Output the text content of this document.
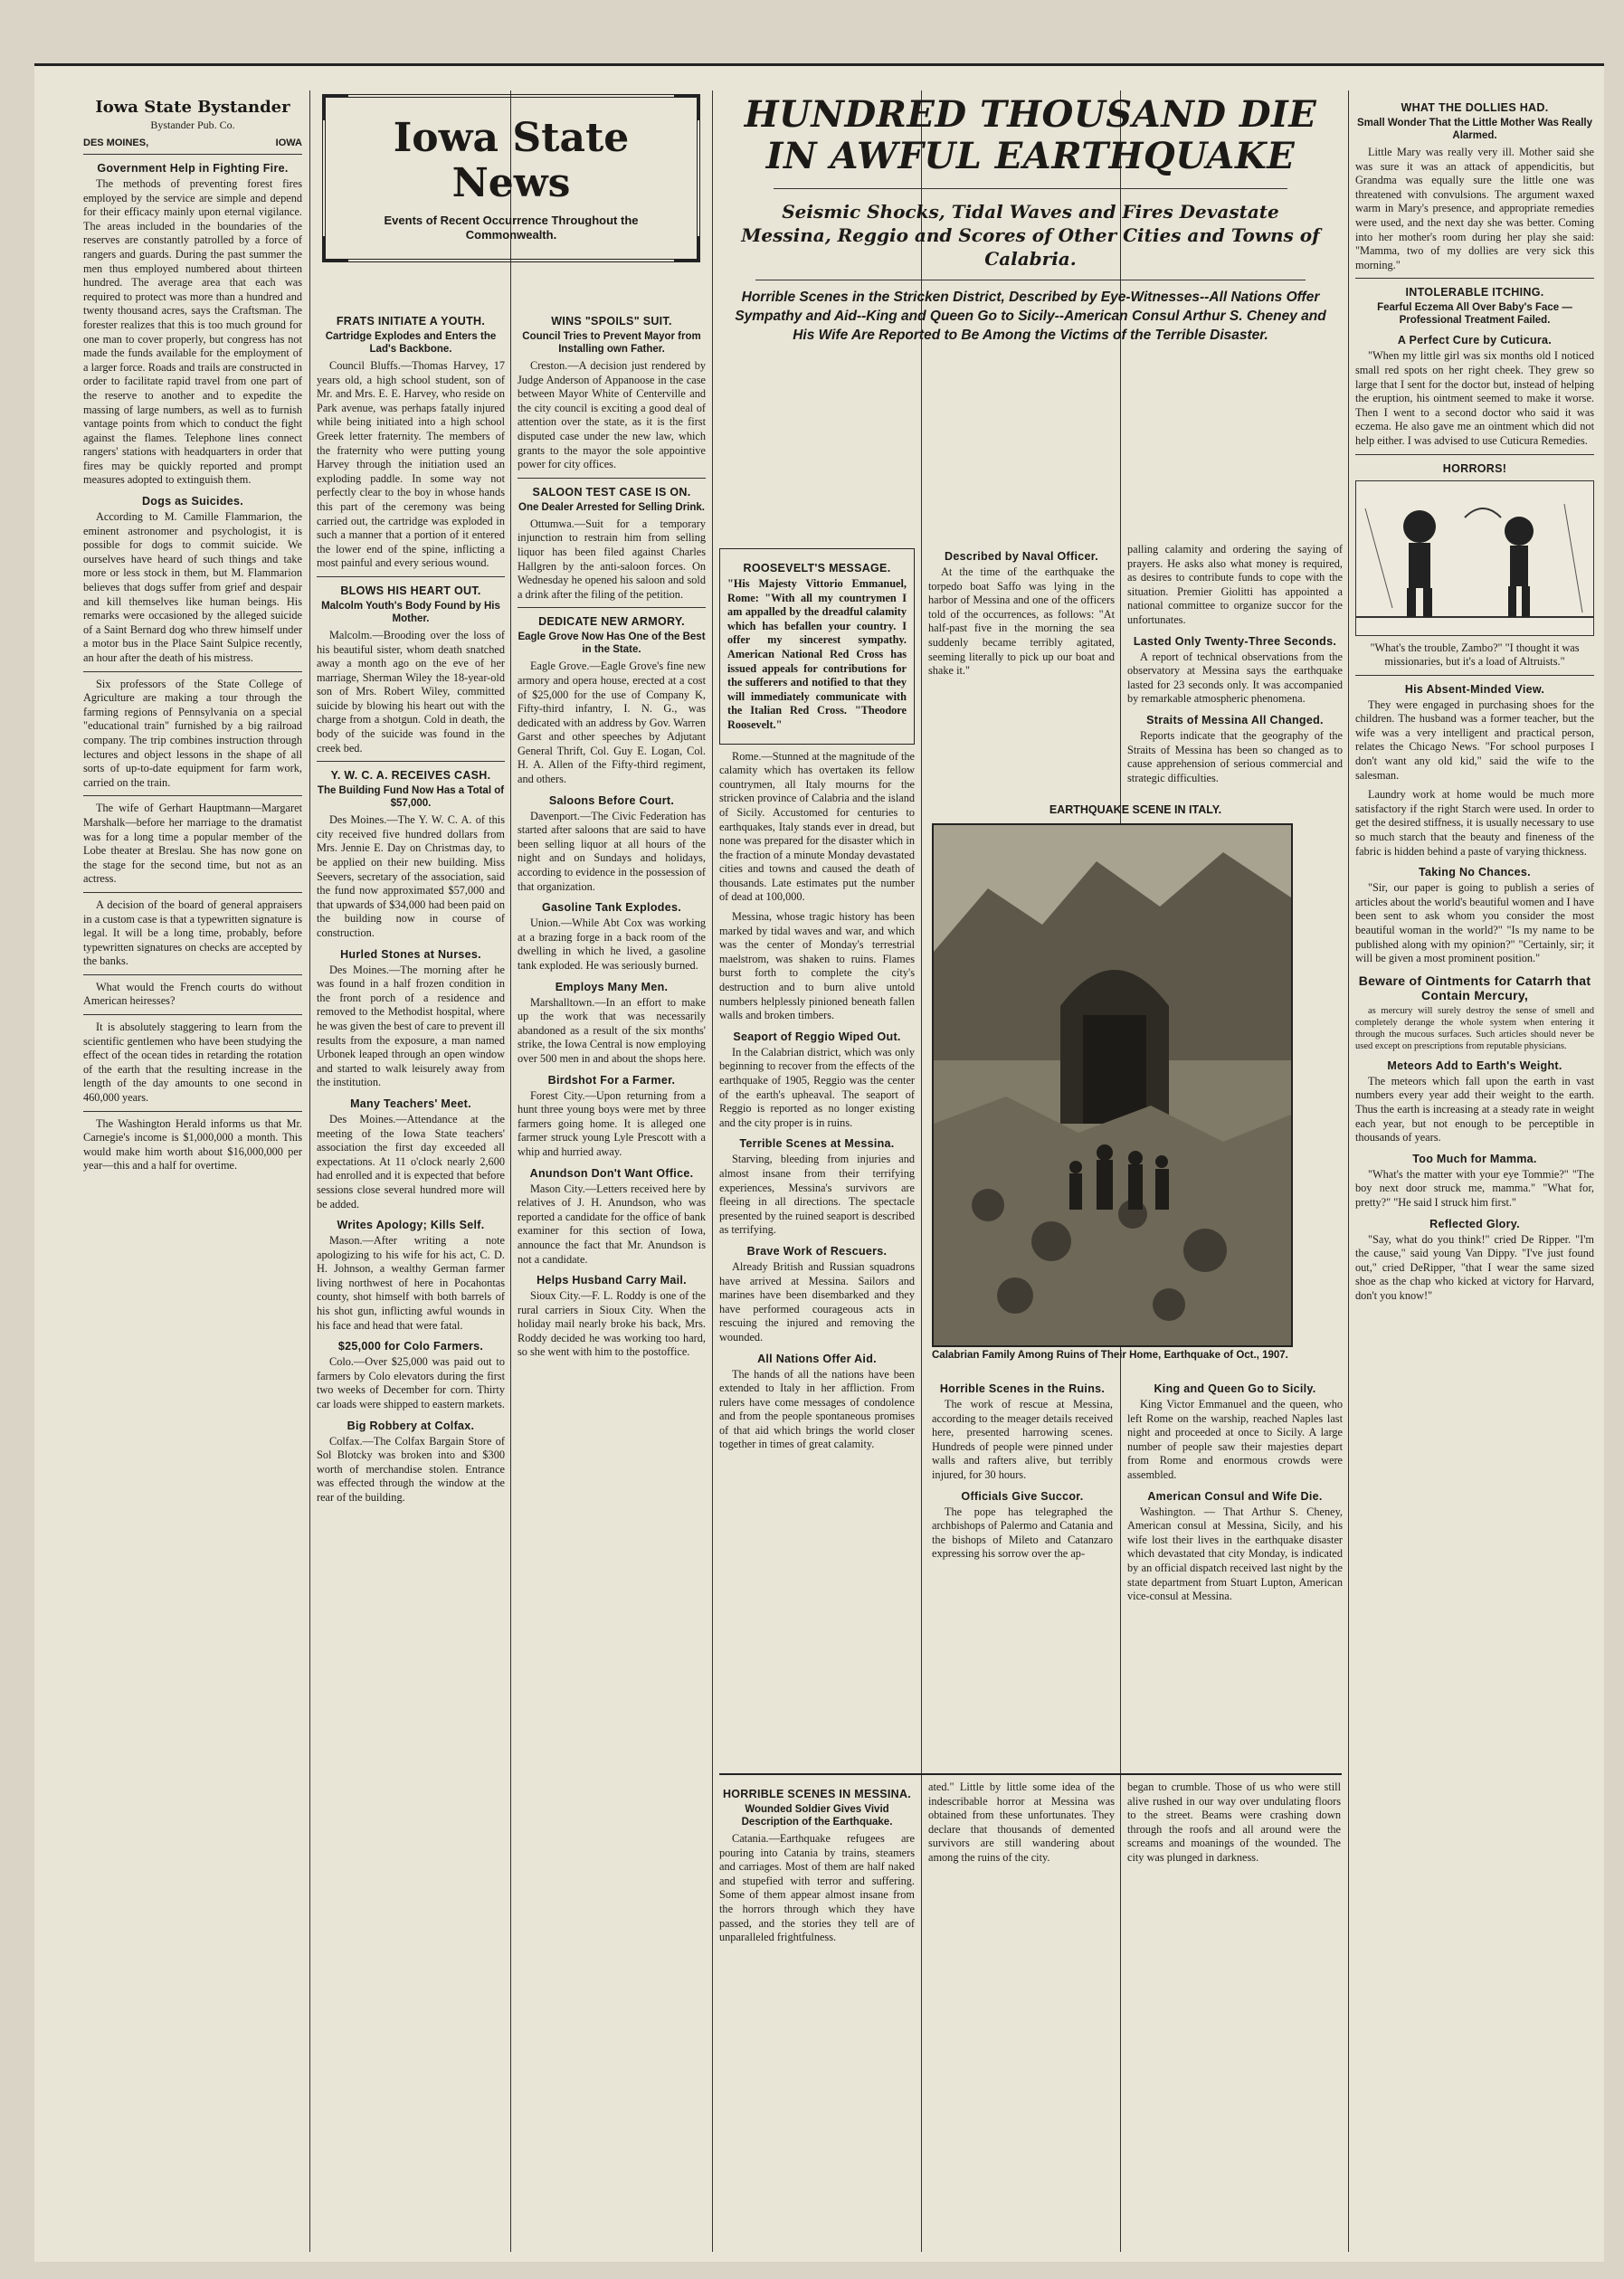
Iowa State Bystander
Bystander Pub. Co.
DES MOINES,	IOWA
Government Help in Fighting Fire.

The methods of preventing forest fires employed by the service are simple and depend for their efficacy mainly upon eternal vigilance. The areas included in the boundaries of the reserves are constantly patrolled by a force of rangers and guards. During the past summer the men thus employed numbered about thirteen hundred. The average area that each was required to protect was more than a hundred and twenty thousand acres, says the Craftsman. The forester realizes that this is too much ground for one man to cover properly, but congress has not made the funds available for the employment of a larger force. Roads and trails are constructed in order to facilitate rapid travel from one part of the reserve to another and to expedite the massing of large numbers, as well as to furnish vantage points from which to conduct the fight against the flames. Telephone lines connect rangers' stations with headquarters in order that fires may be quickly reported and prompt measures adopted to extinguish them.

Dogs as Suicides.

According to M. Camille Flammarion, the eminent astronomer and psychologist, it is possible for dogs to commit suicide. We ourselves have heard of such things and take more or less stock in them, but M. Flammarion believes that dogs suffer from grief and despair and kill themselves like human beings. His remarks were occasioned by the alleged suicide of a Saint Bernard dog who threw himself under a motor bus in the Place Saint Sulpice recently, an hour after the death of his mistress.

Six professors of the State College of Agriculture are making a tour through the farming regions of Pennsylvania on a special "educational train" furnished by a big railroad company. The trip combines instruction through lectures and object lessons in the shape of all sorts of up-to-date equipment for farm work, carried on the train.

The wife of Gerhart Hauptmann—Margaret Marshalk—before her marriage to the dramatist was for a long time a popular member of the Lobe theater at Breslau. She has now gone on the stage for the second time, but not as an actress.

A decision of the board of general appraisers in a custom case is that a typewritten signature is legal. It will be a long time, probably, before typewritten signatures on checks are accepted by the banks.

What would the French courts do without American heiresses?

It is absolutely staggering to learn from the scientific gentlemen who have been studying the effect of the ocean tides in retarding the rotation of the earth that the resulting increase in the length of the day amounts to one second in 460,000 years.

The Washington Herald informs us that Mr. Carnegie's income is $1,000,000 a month. This would make him worth about $16,000,000 per year—this and a half for overtime.

Iowa State News
Events of Recent Occurrence Throughout the Commonwealth.
FRATS INITIATE A YOUTH.
Cartridge Explodes and Enters the Lad's Backbone.

Council Bluffs.—Thomas Harvey, 17 years old, a high school student, son of Mr. and Mrs. E. E. Harvey, who reside on Park avenue, was perhaps fatally injured while being initiated into a high school Greek letter fraternity. The members of the fraternity who were putting young Harvey through the initiation used an exploding paddle. In some way not perfectly clear to the boy in whose hands this part of the ceremony was being carried out, the cartridge was exploded in such a manner that a portion of it entered the lower end of the spine, inflicting a most painful and every serious wound.

BLOWS HIS HEART OUT.
Malcolm Youth's Body Found by His Mother.

Malcolm.—Brooding over the loss of his beautiful sister, whom death snatched away a month ago on the eve of her marriage, Sherman Wiley the 18-year-old son of Mrs. Robert Wiley, committed suicide by blowing his heart out with the charge from a shotgun. Cold in death, the body of the suicide was found in the creek bed.

Y. W. C. A. RECEIVES CASH.
The Building Fund Now Has a Total of $57,000.

Des Moines.—The Y. W. C. A. of this city received five hundred dollars from Mrs. Jennie E. Day on Christmas day, to be applied on their new building. Miss Seevers, secretary of the association, said the fund now approximated $57,000 and that upwards of $34,000 had been paid on the building now in course of construction.

Hurled Stones at Nurses.

Des Moines.—The morning after he was found in a half frozen condition in the front porch of a residence and removed to the Methodist hospital, where he was given the best of care to prevent ill results from the exposure, a man named Urbonek leaped through an open window and started to walk leisurely away from the institution.

Many Teachers' Meet.

Des Moines.—Attendance at the meeting of the Iowa State teachers' association the first day exceeded all expectations. At 11 o'clock nearly 2,600 had enrolled and it is expected that before sessions close several hundred more will be added.

Writes Apology; Kills Self.

Mason.—After writing a note apologizing to his wife for his act, C. D. H. Johnson, a wealthy German farmer living northwest of here in Pocahontas county, shot himself with both barrels of his shot gun, inflicting awful wounds in his face and head that were fatal.

$25,000 for Colo Farmers.

Colo.—Over $25,000 was paid out to farmers by Colo elevators during the first two weeks of December for corn. Thirty car loads were shipped to eastern markets.

Big Robbery at Colfax.

Colfax.—The Colfax Bargain Store of Sol Blotcky was broken into and $300 worth of merchandise stolen. Entrance was effected through the window at the rear of the building.

WINS "SPOILS" SUIT.
Council Tries to Prevent Mayor from Installing own Father.

Creston.—A decision just rendered by Judge Anderson of Appanoose in the case between Mayor White of Centerville and the city council is exciting a good deal of attention over the state, as it is the first disputed case under the new law, which grants to the mayor the sole appointive power for city offices.

SALOON TEST CASE IS ON.
One Dealer Arrested for Selling Drink.

Ottumwa.—Suit for a temporary injunction to restrain him from selling liquor has been filed against Charles Hallgren by the anti-saloon forces. On Wednesday he opened his saloon and sold a drink after the filing of the petition.

DEDICATE NEW ARMORY.
Eagle Grove Now Has One of the Best in the State.

Eagle Grove.—Eagle Grove's fine new armory and opera house, erected at a cost of $25,000 for the use of Company K, Fifty-third infantry, I. N. G., was dedicated with an address by Gov. Warren Garst and other speeches by Adjutant General Thrift, Col. Guy E. Logan, Col. H. A. Allen of the Fifty-third regiment, and others.

Saloons Before Court.

Davenport.—The Civic Federation has started after saloons that are said to have been selling liquor at all hours of the night and on Sundays and holidays, according to evidence in the possession of that organization.

Gasoline Tank Explodes.

Union.—While Abt Cox was working at a brazing forge in a back room of the dwelling in which he lived, a gasoline tank exploded. He was seriously burned.

Employs Many Men.

Marshalltown.—In an effort to make up the work that was necessarily abandoned as a result of the six months' strike, the Iowa Central is now employing over 500 men in and about the shops here.

Birdshot For a Farmer.

Forest City.—Upon returning from a hunt three young boys were met by three farmers going home. It is alleged one farmer struck young Lyle Prescott with a whip and hurried away.

Anundson Don't Want Office.

Mason City.—Letters received here by relatives of J. H. Anundson, who was reported a candidate for the office of bank examiner for this section of Iowa, announce the fact that Mr. Anundson is not a candidate.

Helps Husband Carry Mail.

Sioux City.—F. L. Roddy is one of the rural carriers in Sioux City. When the holiday mail nearly broke his back, Mrs. Roddy decided he was working too hard, so she went with him to the postoffice.

HUNDRED THOUSAND DIE
IN AWFUL EARTHQUAKE
Seismic Shocks, Tidal Waves and Fires Devastate Messina, Reggio and Scores of Other Cities and Towns of Calabria.
Horrible Scenes in the Stricken District, Described by Eye-Witnesses--All Nations Offer Sympathy and Aid--King and Queen Go to Sicily--American Consul Arthur S. Cheney and His Wife Are Reported to Be Among the Victims of the Terrible Disaster.
ROOSEVELT'S MESSAGE.

"His Majesty Vittorio Emmanuel, Rome: "With all my countrymen I am appalled by the dreadful calamity which has befallen your country. I offer my sincerest sympathy. American National Red Cross has issued appeals for contributions for the sufferers and notified to that they will immediately communicate with the Italian Red Cross. "Theodore Roosevelt."

Rome.—Stunned at the magnitude of the calamity which has overtaken its fellow countrymen, all Italy mourns for the stricken province of Calabria and the island of Sicily. Accustomed for centuries to earthquakes, Italy stands ever in dread, but none was prepared for the disaster which in the fraction of a minute Monday devastated cities and towns and caused the death of thousands. Late estimates put the number of dead at 100,000.

Messina, whose tragic history has been marked by tidal waves and war, and which was the center of Monday's terrestrial maelstrom, was shaken to ruins. Flames burst forth to complete the city's destruction and to burn alive untold numbers helplessly pinioned beneath fallen walls and broken timbers.

Seaport of Reggio Wiped Out.

In the Calabrian district, which was only beginning to recover from the effects of the earthquake of 1905, Reggio was the center of the earth's upheaval. The seaport of Reggio is reported as no longer existing and the city proper is in ruins.

Terrible Scenes at Messina.

Starving, bleeding from injuries and almost insane from their terrifying experiences, Messina's survivors are fleeing in all directions. The spectacle presented by the ruined seaport is described as terrifying.

Brave Work of Rescuers.

Already British and Russian squadrons have arrived at Messina. Sailors and marines have been disembarked and they have performed courageous acts in rescuing the injured and removing the wounded.

All Nations Offer Aid.

The hands of all the nations have been extended to Italy in her affliction. From rulers have come messages of condolence and from the people spontaneous promises of that aid which brings the world closer together in times of great calamity.

Described by Naval Officer.

At the time of the earthquake the torpedo boat Saffo was lying in the harbor of Messina and one of the officers told of the occurrences, as follows: "At half-past five in the morning the sea suddenly became terribly agitated, seeming literally to pick up our boat and shake it."

palling calamity and ordering the saying of prayers. He asks also what money is required, as desires to contribute funds to cope with the situation. Premier Giolitti has appointed a national committee to organize succor for the unfortunates.

Lasted Only Twenty-Three Seconds.

A report of technical observations from the observatory at Messina says the earthquake lasted for 23 seconds only. It was accompanied by remarkable atmospheric phenomena.

Straits of Messina All Changed.

Reports indicate that the geography of the Straits of Messina has been so changed as to cause apprehension of serious commercial and strategic difficulties.

EARTHQUAKE SCENE IN ITALY.
Calabrian Family Among Ruins of Their Home, Earthquake of Oct., 1907.
Horrible Scenes in the Ruins.

The work of rescue at Messina, according to the meager details received here, presented harrowing scenes. Hundreds of people were pinned under walls and rafters alive, but terribly injured, for 30 hours.

Officials Give Succor.

The pope has telegraphed the archbishops of Palermo and Catania and the bishops of Mileto and Catanzaro expressing his sorrow over the ap-

King and Queen Go to Sicily.

King Victor Emmanuel and the queen, who left Rome on the warship, reached Naples last night and proceeded at once to Sicily. A large number of people saw their majesties depart from Rome and enormous crowds were assembled.

American Consul and Wife Die.

Washington. — That Arthur S. Cheney, American consul at Messina, Sicily, and his wife lost their lives in the earthquake disaster which devastated that city Monday, is indicated by an official dispatch received last night by the state department from Stuart Lupton, American vice-consul at Messina.

HORRIBLE SCENES IN MESSINA.
Wounded Soldier Gives Vivid Description of the Earthquake.

Catania.—Earthquake refugees are pouring into Catania by trains, steamers and carriages. Most of them are half naked and stupefied with terror and suffering. Some of them appear almost insane from the horrors through which they have passed, and the stories they tell are of unparalleled frightfulness.

ated." Little by little some idea of the indescribable horror at Messina was obtained from these unfortunates. They declare that thousands of demented survivors are still wandering about among the ruins of the city.

began to crumble. Those of us who were still alive rushed in our way over undulating floors to the street. Beams were crashing down through the roofs and all around were the screams and moanings of the wounded. The city was plunged in darkness.

WHAT THE DOLLIES HAD.
Small Wonder That the Little Mother Was Really Alarmed.

Little Mary was really very ill. Mother said she was sure it was an attack of appendicitis, but Grandma was equally sure the little one was threatened with convulsions. The argument waxed warm in Mary's presence, and appropriate remedies were used, and the next day she was better. Coming into her mother's room during her play she said: "Mamma, two of my dollies are very sick this morning."

INTOLERABLE ITCHING.
Fearful Eczema All Over Baby's Face —Professional Treatment Failed.
A Perfect Cure by Cuticura.

"When my little girl was six months old I noticed small red spots on her right cheek. They grew so large that I sent for the doctor but, instead of helping the eruption, his ointment seemed to make it worse. Then I went to a second doctor who said it was eczema. He also gave me an ointment which did not help either. I was advised to use Cuticura Remedies.

HORRORS!

"What's the trouble, Zambo?" "I thought it was missionaries, but it's a load of Altruists."

His Absent-Minded View.

They were engaged in purchasing shoes for the children. The husband was a former teacher, but the wife was a very intelligent and practical person, relates the Chicago News. "For school purposes I don't want any old kid," said the wife to the salesman.

Laundry work at home would be much more satisfactory if the right Starch were used. In order to get the desired stiffness, it is usually necessary to use so much starch that the beauty and fineness of the fabric is hidden behind a paste of varying thickness.

Taking No Chances.

"Sir, our paper is going to publish a series of articles about the world's beautiful women and I have been sent to ask whom you consider the most beautiful woman in the world?" "Is my name to be published along with my opinion?" "Certainly, sir; it will be given a most prominent position."

Beware of Ointments for Catarrh that Contain Mercury,

as mercury will surely destroy the sense of smell and completely derange the whole system when entering it through the mucous surfaces. Such articles should never be used except on prescriptions from reputable physicians.

Meteors Add to Earth's Weight.

The meteors which fall upon the earth in vast numbers every year add their weight to the earth. Thus the earth is increasing at a steady rate in weight each year, but not enough to be perceptible in thousands of years.

Too Much for Mamma.

"What's the matter with your eye Tommie?" "The boy next door struck me, mamma." "What for, pretty?" "He said I struck him first."

Reflected Glory.

"Say, what do you think!" cried De Ripper. "I'm the cause," said young Van Dippy. "I've just found out," cried DeRipper, "that I wear the same sized shoe as the chap who kicked at victory for Harvard, don't you know!"
